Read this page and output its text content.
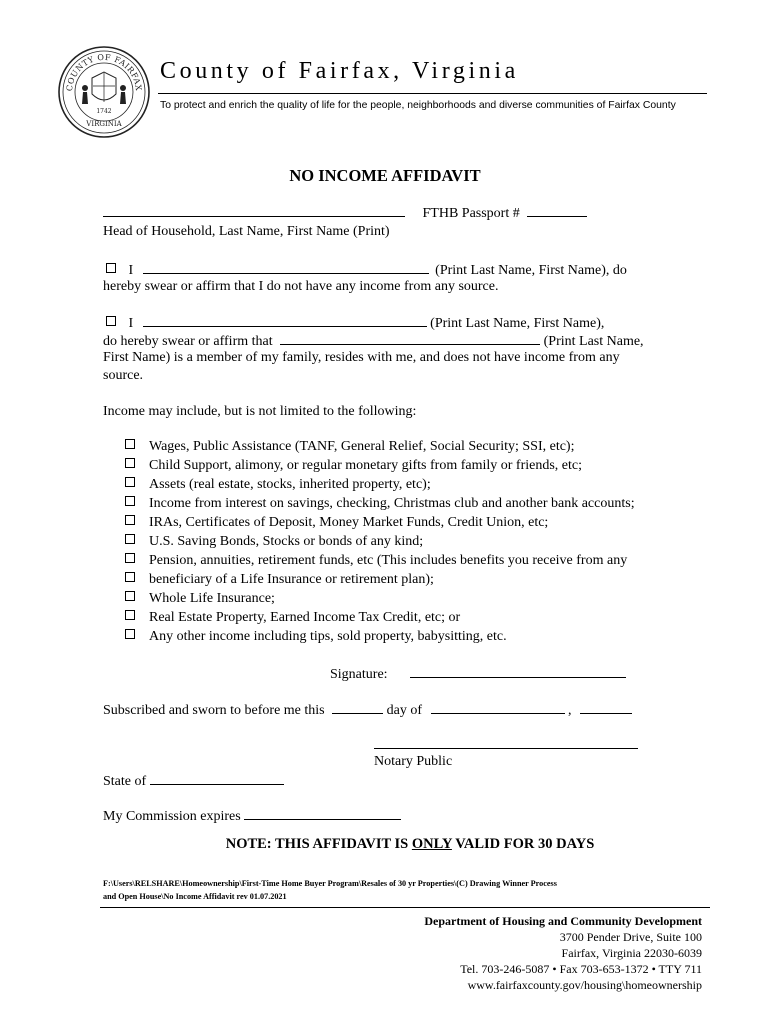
COUNTY OF FAIRFAX
1742
VIRGINIA
County of Fairfax, Virginia
To protect and enrich the quality of life for the people, neighborhoods and diverse communities of Fairfax County
NO INCOME AFFIDAVIT
FTHB Passport #
Head of Household, Last Name, First Name (Print)
I	(Print Last Name, First Name), do
hereby swear or affirm that I do not have any income from any source.
I	(Print Last Name, First Name),
do hereby swear or affirm that	(Print Last Name,
First Name) is a member of my family, resides with me, and does not have income from any
source.
Income may include, but is not limited to the following:
Wages, Public Assistance (TANF, General Relief, Social Security; SSI, etc);
Child Support, alimony, or regular monetary gifts from family or friends, etc;
Assets (real estate, stocks, inherited property, etc);
Income from interest on savings, checking, Christmas club and another bank accounts;
IRAs, Certificates of Deposit, Money Market Funds, Credit Union, etc;
U.S. Saving Bonds, Stocks or bonds of any kind;
Pension, annuities, retirement funds, etc (This includes benefits you receive from any
beneficiary of a Life Insurance or retirement plan);
Whole Life Insurance;
Real Estate Property, Earned Income Tax Credit, etc; or
Any other income including tips, sold property, babysitting, etc.
Signature:
Subscribed and sworn to before me this	day of	,
Notary Public
State of
My Commission expires
NOTE: THIS AFFIDAVIT IS ONLY VALID FOR 30 DAYS
F:\Users\RELSHARE\Homeownership\First-Time Home Buyer Program\Resales of 30 yr Properties\(C) Drawing Winner Process
and Open House\No Income Affidavit rev 01.07.2021
Department of Housing and Community Development
3700 Pender Drive, Suite 100
Fairfax, Virginia 22030-6039
Tel. 703-246-5087 • Fax 703-653-1372 • TTY 711
www.fairfaxcounty.gov/housing\homeownership
